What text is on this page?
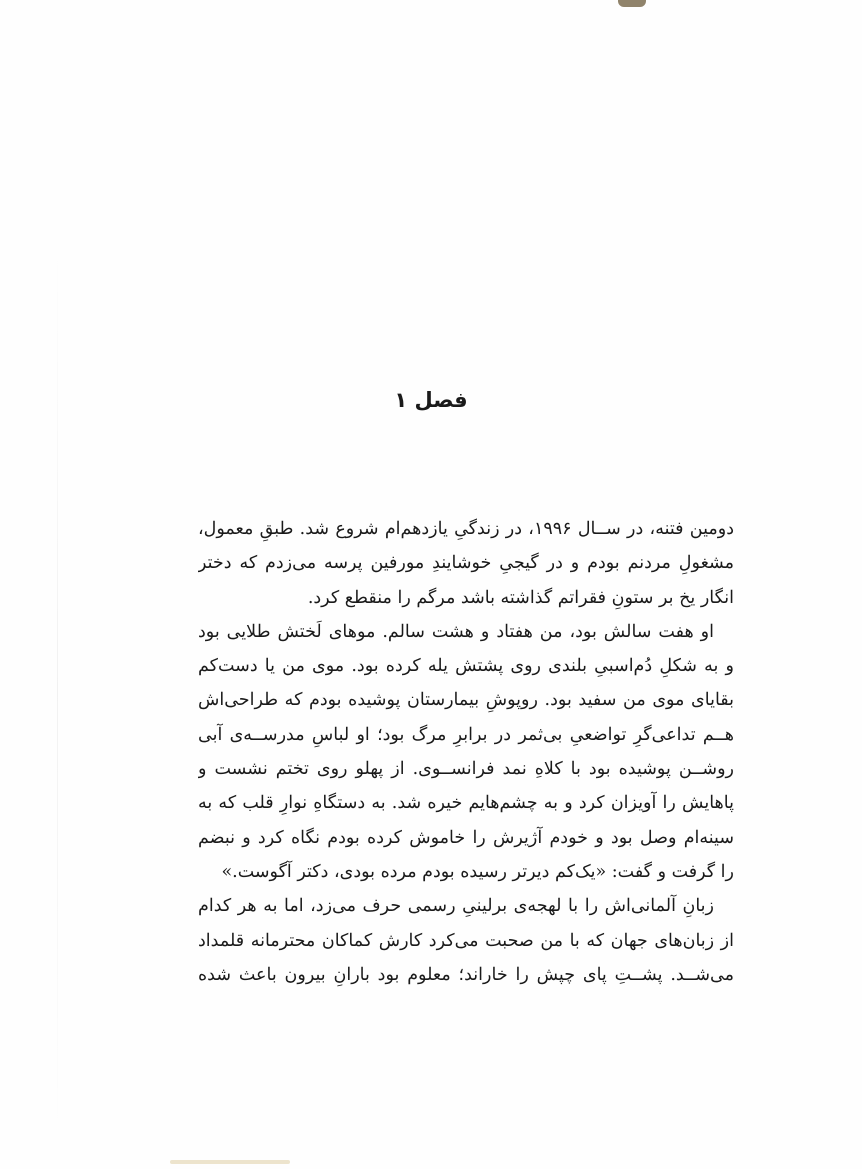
فصل ۱
دومین فتنه، در ســال ۱۹۹۶، در زندگیِ یازدهم‌ام شروع شد. طبقِ معمول،
مشغولِ مردنم بودم و در گیجیِ خوشایندِ مورفین پرسه می‌زدم که دختر
انگار یخ بر ستونِ فقراتم گذاشته باشد مرگم را منقطع کرد.
او هفت سالش بود، من هفتاد و هشت سالم. موهای لَختش طلایی بود
و به شکلِ دُم‌اسبیِ بلندی روی پشتش یله کرده بود. موی من یا دست‌کم
بقایای موی من سفید بود. روپوشِ بیمارستان پوشیده بودم که طراحی‌اش
هــم تداعی‌گرِ تواضعیِ بی‌ثمر در برابرِ مرگ بود؛ او لباسِ مدرســه‌ی آبی
روشــن پوشیده بود با کلاهِ نمد فرانســوی. از پهلو روی تختم نشست و
پاهایش را آویزان کرد و به چشم‌هایم خیره شد. به دستگاهِ نوارِ قلب که به
سینه‌ام وصل بود و خودم آژیرش را خاموش کرده بودم نگاه کرد و نبضم
را گرفت و گفت: «یک‌کم دیرتر رسیده بودم مرده بودی، دکتر آگوست.»
زبانِ آلمانی‌اش را با لهجه‌ی برلینیِ رسمی حرف می‌زد، اما به هر کدام
از زبان‌های جهان که با من صحبت می‌کرد کارش کماکان محترمانه قلمداد
می‌شــد. پشــتِ پای چپش را خاراند؛ معلوم بود بارانِ بیرون باعث شده
